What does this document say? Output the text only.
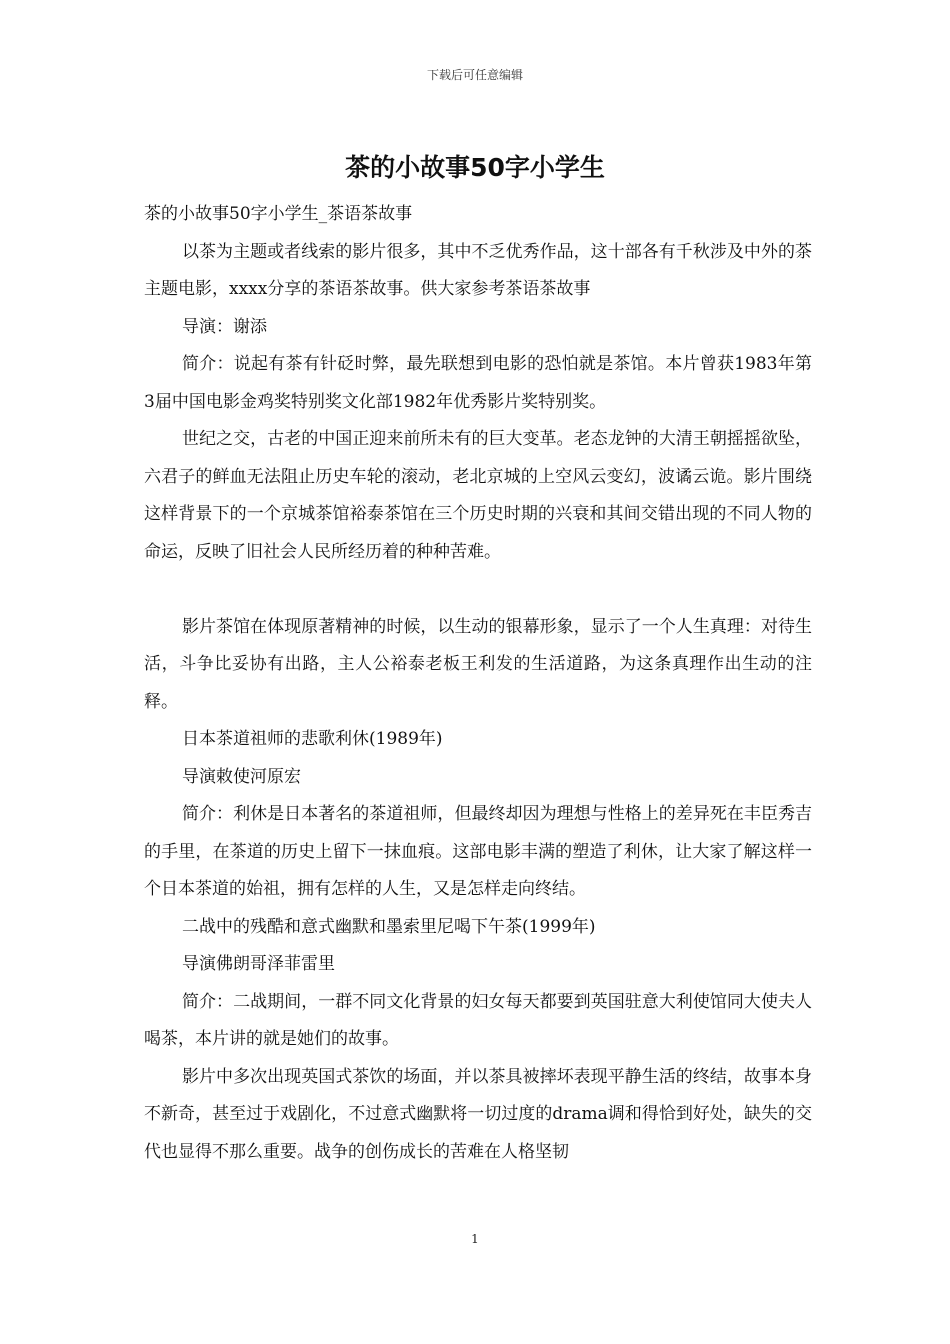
下载后可任意编辑
茶的小故事50字小学生

茶的小故事50字小学生_茶语茶故事

以茶为主题或者线索的影片很多，其中不乏优秀作品，这十部各有千秋涉及中外的茶主题电影，xxxx分享的茶语茶故事。供大家参考茶语茶故事

导演：谢添

简介：说起有茶有针砭时弊，最先联想到电影的恐怕就是茶馆。本片曾获1983年第3届中国电影金鸡奖特别奖文化部1982年优秀影片奖特别奖。

世纪之交，古老的中国正迎来前所未有的巨大变革。老态龙钟的大清王朝摇摇欲坠，六君子的鲜血无法阻止历史车轮的滚动，老北京城的上空风云变幻，波谲云诡。影片围绕这样背景下的一个京城茶馆裕泰茶馆在三个历史时期的兴衰和其间交错出现的不同人物的命运，反映了旧社会人民所经历着的种种苦难。

影片茶馆在体现原著精神的时候，以生动的银幕形象，显示了一个人生真理：对待生活，斗争比妥协有出路，主人公裕泰老板王利发的生活道路，为这条真理作出生动的注释。

日本茶道祖师的悲歌利休(1989年)

导演敕使河原宏

简介：利休是日本著名的茶道祖师，但最终却因为理想与性格上的差异死在丰臣秀吉的手里，在茶道的历史上留下一抹血痕。这部电影丰满的塑造了利休，让大家了解这样一个日本茶道的始祖，拥有怎样的人生，又是怎样走向终结。

二战中的残酷和意式幽默和墨索里尼喝下午茶(1999年)

导演佛朗哥泽菲雷里

简介：二战期间，一群不同文化背景的妇女每天都要到英国驻意大利使馆同大使夫人喝茶，本片讲的就是她们的故事。

影片中多次出现英国式茶饮的场面，并以茶具被摔坏表现平静生活的终结，故事本身不新奇，甚至过于戏剧化，不过意式幽默将一切过度的drama调和得恰到好处，缺失的交代也显得不那么重要。战争的创伤成长的苦难在人格坚韧

1
